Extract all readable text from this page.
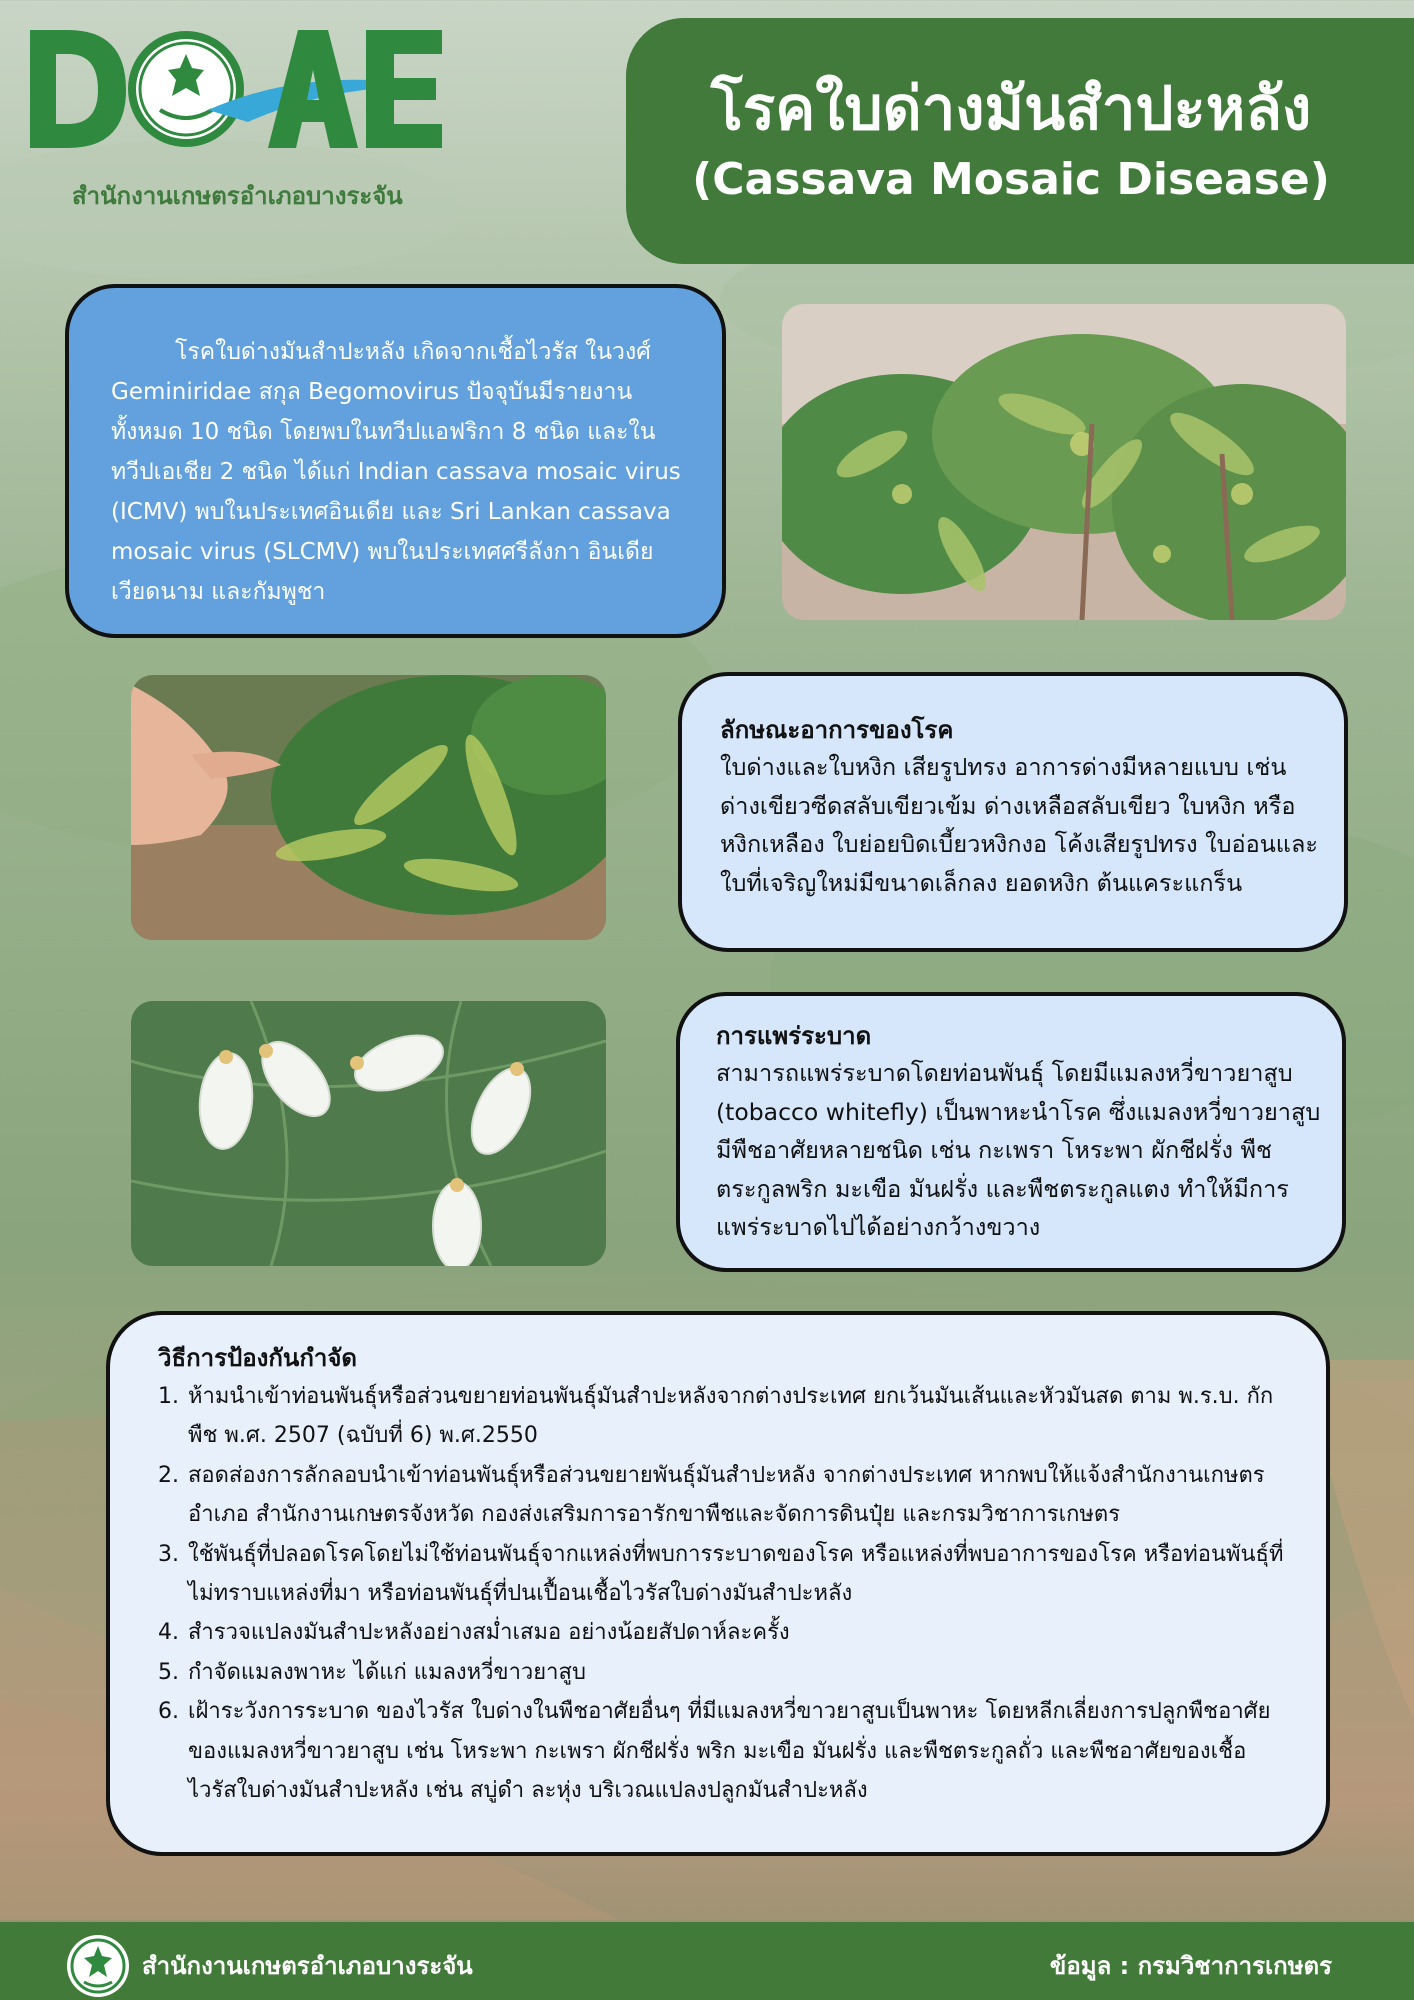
สำนักงานเกษตรอำเภอบางระจัน
โรคใบด่างมันสำปะหลัง
(Cassava Mosaic Disease)

โรคใบด่างมันสำปะหลัง เกิดจากเชื้อไวรัส ในวงศ์ Geminiridae สกุล Begomovirus ปัจจุบันมีรายงานทั้งหมด 10 ชนิด โดยพบในทวีปแอฟริกา 8 ชนิด และในทวีปเอเชีย 2 ชนิด ได้แก่ Indian cassava mosaic virus (ICMV) พบในประเทศอินเดีย และ Sri Lankan cassava mosaic virus (SLCMV) พบในประเทศศรีลังกา อินเดีย เวียดนาม และกัมพูชา

ลักษณะอาการของโรค

ใบด่างและใบหงิก เสียรูปทรง อาการด่างมีหลายแบบ เช่น ด่างเขียวซีดสลับเขียวเข้ม ด่างเหลือสลับเขียว ใบหงิก หรือหงิกเหลือง ใบย่อยบิดเบี้ยวหงิกงอ โค้งเสียรูปทรง ใบอ่อนและใบที่เจริญใหม่มีขนาดเล็กลง ยอดหงิก ต้นแคระแกร็น

การแพร่ระบาด

สามารถแพร่ระบาดโดยท่อนพันธุ์ โดยมีแมลงหวี่ขาวยาสูบ (tobacco whitefly) เป็นพาหะนำโรค ซึ่งแมลงหวี่ขาวยาสูบมีพืชอาศัยหลายชนิด เช่น กะเพรา โหระพา ผักชีฝรั่ง พืชตระกูลพริก มะเขือ มันฝรั่ง และพืชตระกูลแตง ทำให้มีการแพร่ระบาดไปได้อย่างกว้างขวาง

วิธีการป้องกันกำจัด
1. ห้ามนำเข้าท่อนพันธุ์หรือส่วนขยายท่อนพันธุ์มันสำปะหลังจากต่างประเทศ ยกเว้นมันเส้นและหัวมันสด ตาม พ.ร.บ. กักพืช พ.ศ. 2507 (ฉบับที่ 6) พ.ศ.2550
2. สอดส่องการลักลอบนำเข้าท่อนพันธุ์หรือส่วนขยายพันธุ์มันสำปะหลัง จากต่างประเทศ หากพบให้แจ้งสำนักงานเกษตรอำเภอ สำนักงานเกษตรจังหวัด กองส่งเสริมการอารักขาพืชและจัดการดินปุ๋ย และกรมวิชาการเกษตร
3. ใช้พันธุ์ที่ปลอดโรคโดยไม่ใช้ท่อนพันธุ์จากแหล่งที่พบการระบาดของโรค หรือแหล่งที่พบอาการของโรค หรือท่อนพันธุ์ที่ไม่ทราบแหล่งที่มา หรือท่อนพันธุ์ที่ปนเปื้อนเชื้อไวรัสใบด่างมันสำปะหลัง
4. สำรวจแปลงมันสำปะหลังอย่างสม่ำเสมอ อย่างน้อยสัปดาห์ละครั้ง
5. กำจัดแมลงพาหะ ได้แก่ แมลงหวี่ขาวยาสูบ
6. เฝ้าระวังการระบาด ของไวรัส ใบด่างในพืชอาศัยอื่นๆ ที่มีแมลงหวี่ขาวยาสูบเป็นพาหะ โดยหลีกเลี่ยงการปลูกพืชอาศัยของแมลงหวี่ขาวยาสูบ เช่น โหระพา กะเพรา ผักชีฝรั่ง พริก มะเขือ มันฝรั่ง และพืชตระกูลถั่ว และพืชอาศัยของเชื้อไวรัสใบด่างมันสำปะหลัง เช่น สบู่ดำ ละหุ่ง บริเวณแปลงปลูกมันสำปะหลัง
สำนักงานเกษตรอำเภอบางระจัน	ข้อมูล : กรมวิชาการเกษตร
